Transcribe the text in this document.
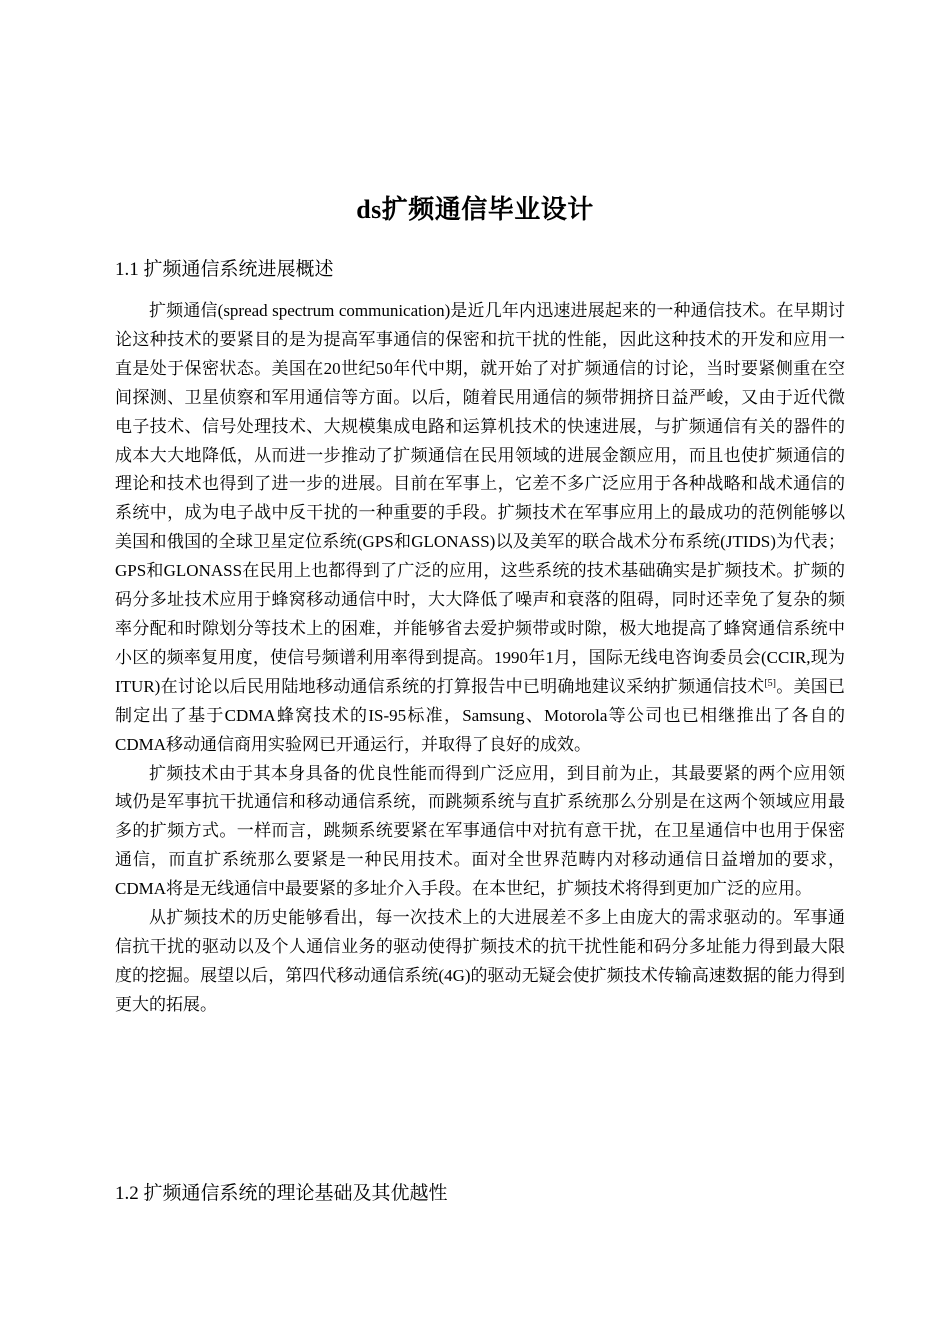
ds扩频通信毕业设计
1.1 扩频通信系统进展概述

扩频通信(spread spectrum communication)是近几年内迅速进展起来的一种通信技术。在早期讨论这种技术的要紧目的是为提高军事通信的保密和抗干扰的性能，因此这种技术的开发和应用一直是处于保密状态。美国在20世纪50年代中期，就开始了对扩频通信的讨论，当时要紧侧重在空间探测、卫星侦察和军用通信等方面。以后，随着民用通信的频带拥挤日益严峻，又由于近代微电子技术、信号处理技术、大规模集成电路和运算机技术的快速进展，与扩频通信有关的器件的成本大大地降低，从而进一步推动了扩频通信在民用领域的进展金额应用，而且也使扩频通信的理论和技术也得到了进一步的进展。目前在军事上，它差不多广泛应用于各种战略和战术通信的系统中，成为电子战中反干扰的一种重要的手段。扩频技术在军事应用上的最成功的范例能够以美国和俄国的全球卫星定位系统(GPS和GLONASS)以及美军的联合战术分布系统(JTIDS)为代表；GPS和GLONASS在民用上也都得到了广泛的应用，这些系统的技术基础确实是扩频技术。扩频的码分多址技术应用于蜂窝移动通信中时，大大降低了噪声和衰落的阻碍，同时还幸免了复杂的频率分配和时隙划分等技术上的困难，并能够省去爱护频带或时隙，极大地提高了蜂窝通信系统中小区的频率复用度，使信号频谱利用率得到提高。1990年1月，国际无线电咨询委员会(CCIR,现为ITUR)在讨论以后民用陆地移动通信系统的打算报告中已明确地建议采纳扩频通信技术[5]。美国已制定出了基于CDMA蜂窝技术的IS-95标准，Samsung、Motorola等公司也已相继推出了各自的CDMA移动通信商用实验网已开通运行，并取得了良好的成效。

扩频技术由于其本身具备的优良性能而得到广泛应用，到目前为止，其最要紧的两个应用领域仍是军事抗干扰通信和移动通信系统，而跳频系统与直扩系统那么分别是在这两个领域应用最多的扩频方式。一样而言，跳频系统要紧在军事通信中对抗有意干扰，在卫星通信中也用于保密通信，而直扩系统那么要紧是一种民用技术。面对全世界范畴内对移动通信日益增加的要求，CDMA将是无线通信中最要紧的多址介入手段。在本世纪，扩频技术将得到更加广泛的应用。

从扩频技术的历史能够看出，每一次技术上的大进展差不多上由庞大的需求驱动的。军事通信抗干扰的驱动以及个人通信业务的驱动使得扩频技术的抗干扰性能和码分多址能力得到最大限度的挖掘。展望以后，第四代移动通信系统(4G)的驱动无疑会使扩频技术传输高速数据的能力得到更大的拓展。

1.2 扩频通信系统的理论基础及其优越性
